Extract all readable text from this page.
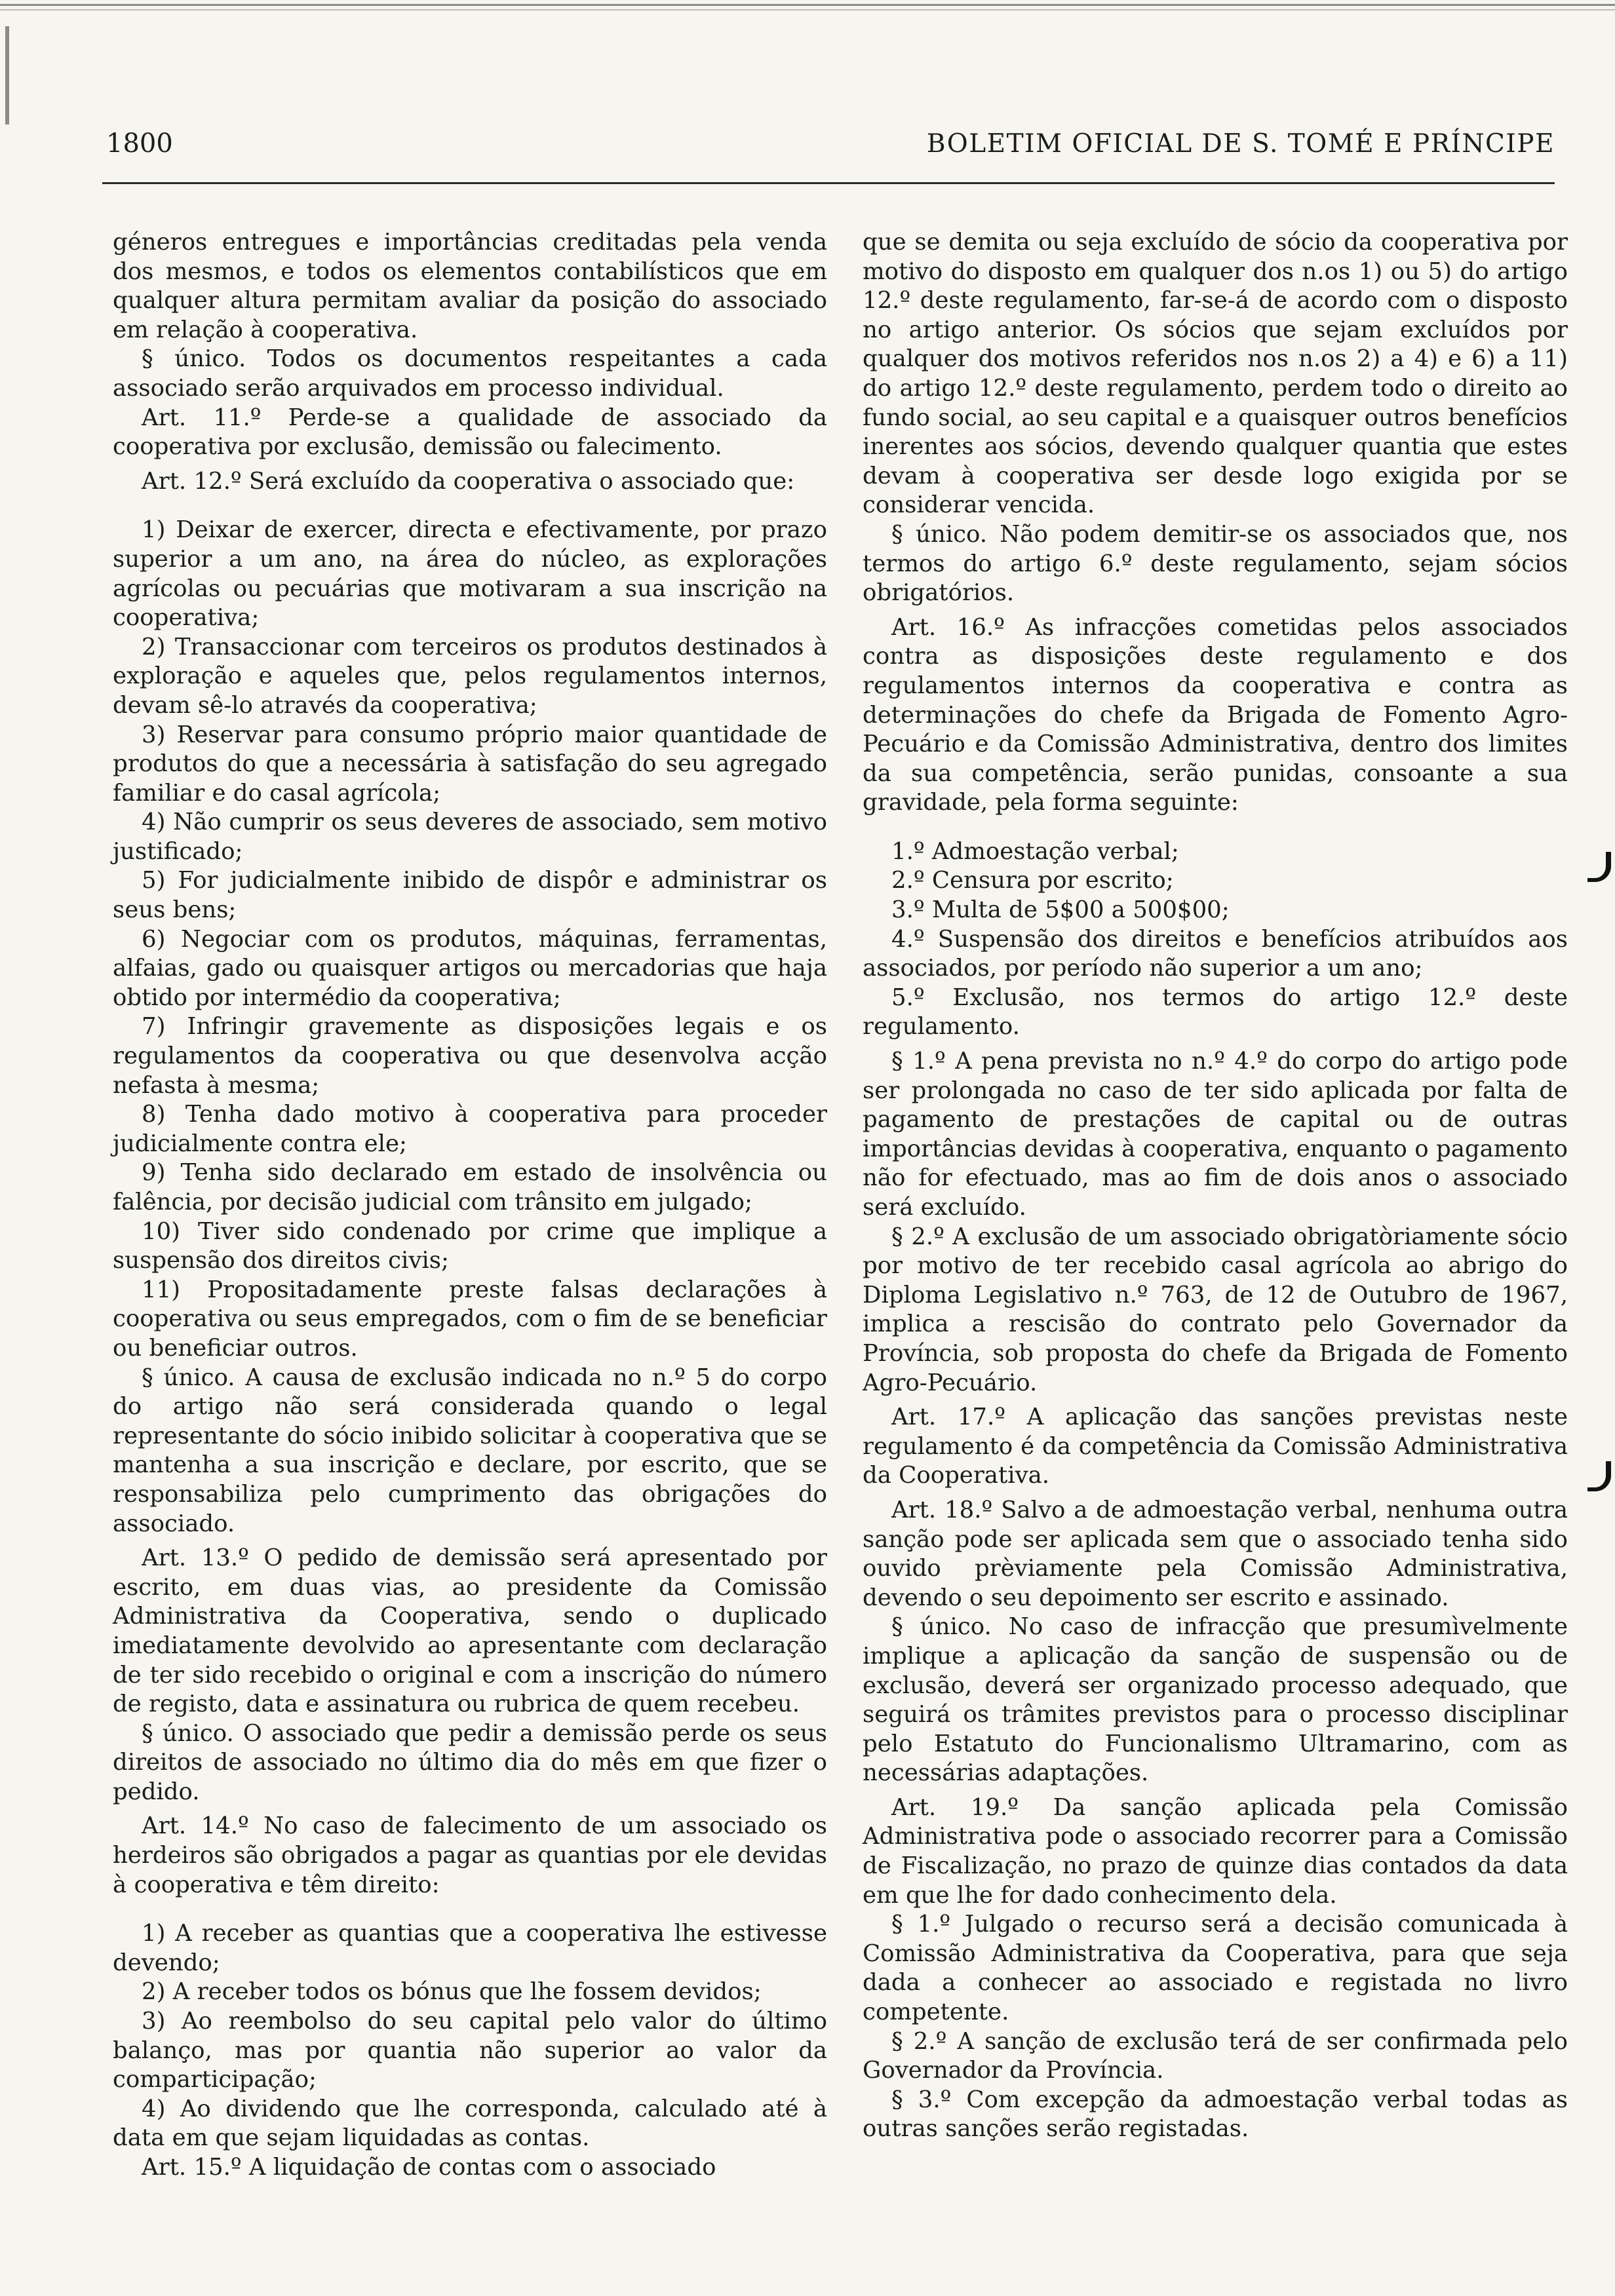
1800	BOLETIM OFICIAL DE S. TOMÉ E PRÍNCIPE

géneros entregues e importâncias creditadas pela venda dos mesmos, e todos os elementos contabilísticos que em qualquer altura permitam avaliar da posição do associado em relação à cooperativa.

§ único. Todos os documentos respeitantes a cada associado serão arquivados em processo individual.

Art. 11.º Perde-se a qualidade de associado da cooperativa por exclusão, demissão ou falecimento.

Art. 12.º Será excluído da cooperativa o associado que:

1) Deixar de exercer, directa e efectivamente, por prazo superior a um ano, na área do núcleo, as explorações agrícolas ou pecuárias que motivaram a sua inscrição na cooperativa;

2) Transaccionar com terceiros os produtos destinados à exploração e aqueles que, pelos regulamentos internos, devam sê-lo através da cooperativa;

3) Reservar para consumo próprio maior quantidade de produtos do que a necessária à satisfação do seu agregado familiar e do casal agrícola;

4) Não cumprir os seus deveres de associado, sem motivo justificado;

5) For judicialmente inibido de dispôr e administrar os seus bens;

6) Negociar com os produtos, máquinas, ferramentas, alfaias, gado ou quaisquer artigos ou mercadorias que haja obtido por intermédio da cooperativa;

7) Infringir gravemente as disposições legais e os regulamentos da cooperativa ou que desenvolva acção nefasta à mesma;

8) Tenha dado motivo à cooperativa para proceder judicialmente contra ele;

9) Tenha sido declarado em estado de insolvência ou falência, por decisão judicial com trânsito em julgado;

10) Tiver sido condenado por crime que implique a suspensão dos direitos civis;

11) Propositadamente preste falsas declarações à cooperativa ou seus empregados, com o fim de se beneficiar ou beneficiar outros.

§ único. A causa de exclusão indicada no n.º 5 do corpo do artigo não será considerada quando o legal representante do sócio inibido solicitar à cooperativa que se mantenha a sua inscrição e declare, por escrito, que se responsabiliza pelo cumprimento das obrigações do associado.

Art. 13.º O pedido de demissão será apresentado por escrito, em duas vias, ao presidente da Comissão Administrativa da Cooperativa, sendo o duplicado imediatamente devolvido ao apresentante com declaração de ter sido recebido o original e com a inscrição do número de registo, data e assinatura ou rubrica de quem recebeu.

§ único. O associado que pedir a demissão perde os seus direitos de associado no último dia do mês em que fizer o pedido.

Art. 14.º No caso de falecimento de um associado os herdeiros são obrigados a pagar as quantias por ele devidas à cooperativa e têm direito:

1) A receber as quantias que a cooperativa lhe estivesse devendo;

2) A receber todos os bónus que lhe fossem devidos;

3) Ao reembolso do seu capital pelo valor do último balanço, mas por quantia não superior ao valor da comparticipação;

4) Ao dividendo que lhe corresponda, calculado até à data em que sejam liquidadas as contas.

Art. 15.º A liquidação de contas com o associado

que se demita ou seja excluído de sócio da cooperativa por motivo do disposto em qualquer dos n.os 1) ou 5) do artigo 12.º deste regulamento, far-se-á de acordo com o disposto no artigo anterior. Os sócios que sejam excluídos por qualquer dos motivos referidos nos n.os 2) a 4) e 6) a 11) do artigo 12.º deste regulamento, perdem todo o direito ao fundo social, ao seu capital e a quaisquer outros benefícios inerentes aos sócios, devendo qualquer quantia que estes devam à cooperativa ser desde logo exigida por se considerar vencida.

§ único. Não podem demitir-se os associados que, nos termos do artigo 6.º deste regulamento, sejam sócios obrigatórios.

Art. 16.º As infracções cometidas pelos associados contra as disposições deste regulamento e dos regulamentos internos da cooperativa e contra as determinações do chefe da Brigada de Fomento Agro-Pecuário e da Comissão Administrativa, dentro dos limites da sua competência, serão punidas, consoante a sua gravidade, pela forma seguinte:

1.º Admoestação verbal;

2.º Censura por escrito;

3.º Multa de 5$00 a 500$00;

4.º Suspensão dos direitos e benefícios atribuídos aos associados, por período não superior a um ano;

5.º Exclusão, nos termos do artigo 12.º deste regulamento.

§ 1.º A pena prevista no n.º 4.º do corpo do artigo pode ser prolongada no caso de ter sido aplicada por falta de pagamento de prestações de capital ou de outras importâncias devidas à cooperativa, enquanto o pagamento não for efectuado, mas ao fim de dois anos o associado será excluído.

§ 2.º A exclusão de um associado obrigatòriamente sócio por motivo de ter recebido casal agrícola ao abrigo do Diploma Legislativo n.º 763, de 12 de Outubro de 1967, implica a rescisão do contrato pelo Governador da Província, sob proposta do chefe da Brigada de Fomento Agro-Pecuário.

Art. 17.º A aplicação das sanções previstas neste regulamento é da competência da Comissão Administrativa da Cooperativa.

Art. 18.º Salvo a de admoestação verbal, nenhuma outra sanção pode ser aplicada sem que o associado tenha sido ouvido prèviamente pela Comissão Administrativa, devendo o seu depoimento ser escrito e assinado.

§ único. No caso de infracção que presumìvelmente implique a aplicação da sanção de suspensão ou de exclusão, deverá ser organizado processo adequado, que seguirá os trâmites previstos para o processo disciplinar pelo Estatuto do Funcionalismo Ultramarino, com as necessárias adaptações.

Art. 19.º Da sanção aplicada pela Comissão Administrativa pode o associado recorrer para a Comissão de Fiscalização, no prazo de quinze dias contados da data em que lhe for dado conhecimento dela.

§ 1.º Julgado o recurso será a decisão comunicada à Comissão Administrativa da Cooperativa, para que seja dada a conhecer ao associado e registada no livro competente.

§ 2.º A sanção de exclusão terá de ser confirmada pelo Governador da Província.

§ 3.º Com excepção da admoestação verbal todas as outras sanções serão registadas.
